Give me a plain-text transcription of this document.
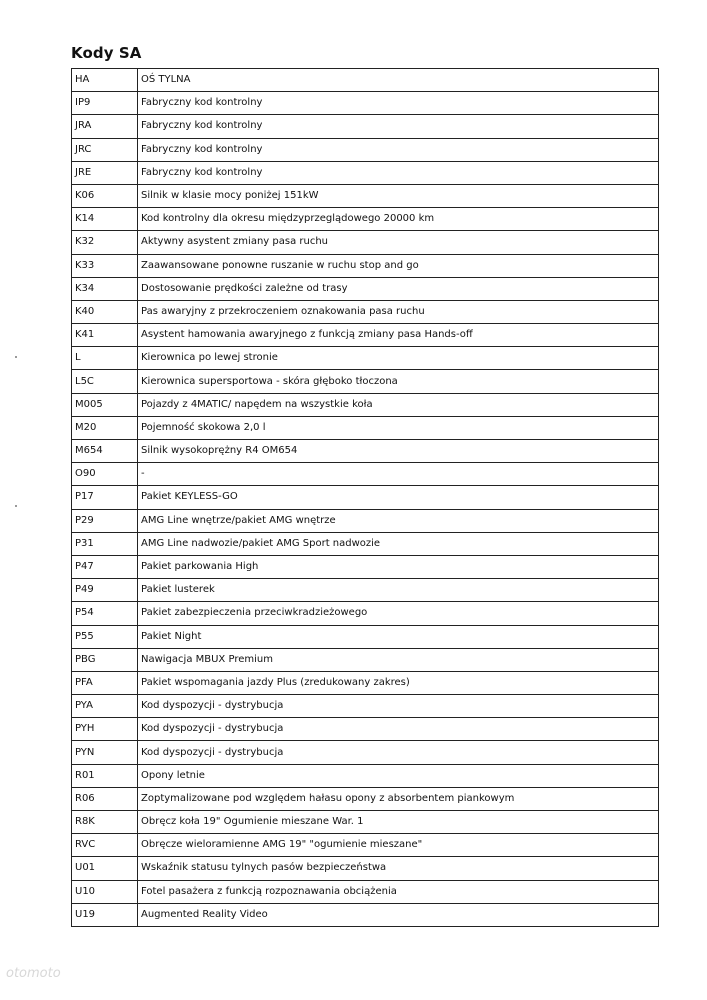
Kody SA
HA	OŚ TYLNA
IP9	Fabryczny kod kontrolny
JRA	Fabryczny kod kontrolny
JRC	Fabryczny kod kontrolny
JRE	Fabryczny kod kontrolny
K06	Silnik w klasie mocy poniżej 151kW
K14	Kod kontrolny dla okresu międzyprzeglądowego 20000 km
K32	Aktywny asystent zmiany pasa ruchu
K33	Zaawansowane ponowne ruszanie w ruchu stop and go
K34	Dostosowanie prędkości zależne od trasy
K40	Pas awaryjny z przekroczeniem oznakowania pasa ruchu
K41	Asystent hamowania awaryjnego z funkcją zmiany pasa Hands-off
L	Kierownica po lewej stronie
L5C	Kierownica supersportowa - skóra głęboko tłoczona
M005	Pojazdy z 4MATIC/ napędem na wszystkie koła
M20	Pojemność skokowa 2,0 l
M654	Silnik wysokoprężny R4 OM654
O90	-
P17	Pakiet KEYLESS-GO
P29	AMG Line wnętrze/pakiet AMG wnętrze
P31	AMG Line nadwozie/pakiet AMG Sport nadwozie
P47	Pakiet parkowania High
P49	Pakiet lusterek
P54	Pakiet zabezpieczenia przeciwkradzieżowego
P55	Pakiet Night
PBG	Nawigacja MBUX Premium
PFA	Pakiet wspomagania jazdy Plus (zredukowany zakres)
PYA	Kod dyspozycji - dystrybucja
PYH	Kod dyspozycji - dystrybucja
PYN	Kod dyspozycji - dystrybucja
R01	Opony letnie
R06	Zoptymalizowane pod względem hałasu opony z absorbentem piankowym
R8K	Obręcz koła 19" Ogumienie mieszane War. 1
RVC	Obręcze wieloramienne AMG 19" "ogumienie mieszane"
U01	Wskaźnik statusu tylnych pasów bezpieczeństwa
U10	Fotel pasażera z funkcją rozpoznawania obciążenia
U19	Augmented Reality Video
otomoto
